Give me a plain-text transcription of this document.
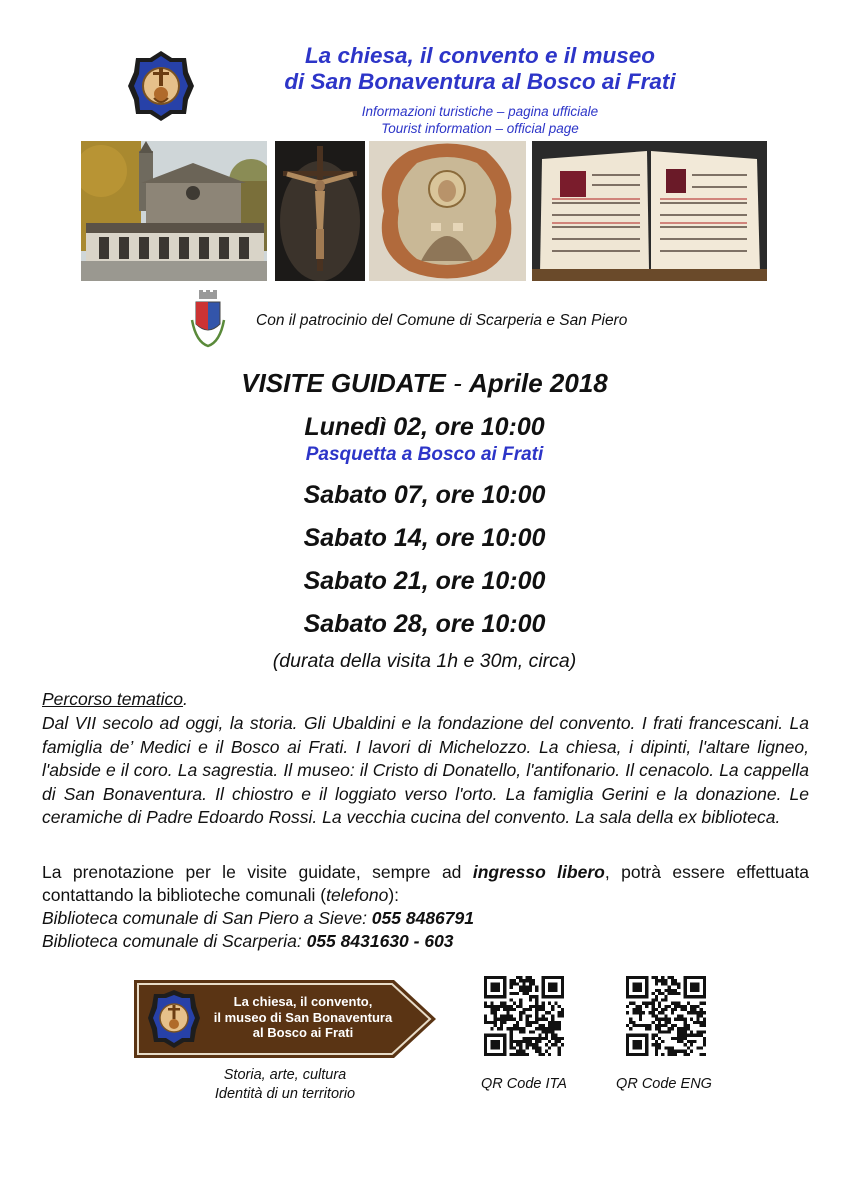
La chiesa, il convento e il museo
di San Bonaventura al Bosco ai Frati
Informazioni turistiche – pagina ufficiale
Tourist information – official page
Con il patrocinio del Comune di Scarperia e San Piero
VISITE GUIDATE - Aprile 2018
Lunedì 02, ore 10:00
Pasquetta a Bosco ai Frati
Sabato 07, ore 10:00
Sabato 14, ore 10:00
Sabato 21, ore 10:00
Sabato 28, ore 10:00
(durata della visita 1h e 30m, circa)
Percorso tematico.
Dal VII secolo ad oggi, la storia. Gli Ubaldini e la fondazione del convento. I frati francescani. La famiglia de’ Medici e il Bosco ai Frati. I lavori di Michelozzo. La chiesa, i dipinti, l'altare ligneo, l'abside e il coro. La sagrestia. Il museo: il Cristo di Donatello, l'antifonario. Il cenacolo. La cappella di San Bonaventura. Il chiostro e il loggiato verso l'orto. La famiglia Gerini e la donazione. Le ceramiche di Padre Edoardo Rossi. La vecchia cucina del convento. La sala della ex biblioteca.
La prenotazione per le visite guidate, sempre ad ingresso libero, potrà essere effettuata contattando la biblioteche comunali (telefono):
Biblioteca comunale di San Piero a Sieve: 055 8486791
Biblioteca comunale di Scarperia: 055 8431630 - 603
La chiesa, il convento,
il museo di San Bonaventura
al Bosco ai Frati
Storia, arte, cultura
Identità di un territorio
QR Code ITA	QR Code ENG
